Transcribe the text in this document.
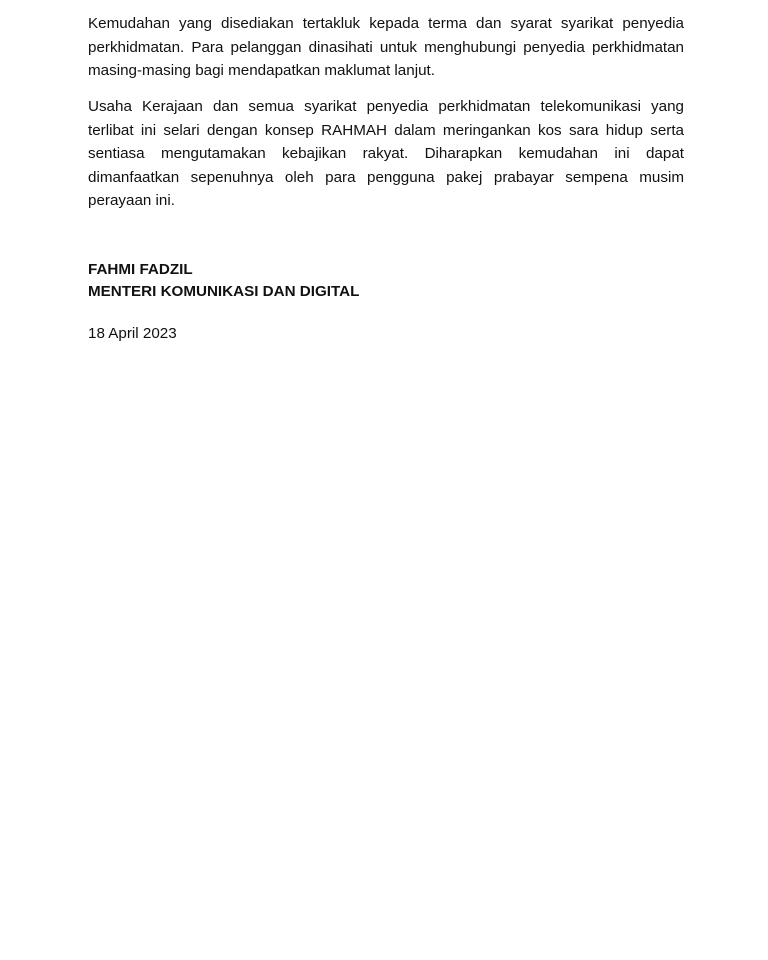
Kemudahan yang disediakan tertakluk kepada terma dan syarat syarikat penyedia
perkhidmatan. Para pelanggan dinasihati untuk menghubungi penyedia perkhidmatan
masing-masing bagi mendapatkan maklumat lanjut.

Usaha Kerajaan dan semua syarikat penyedia perkhidmatan telekomunikasi yang
terlibat ini selari dengan konsep RAHMAH dalam meringankan kos sara hidup serta
sentiasa mengutamakan kebajikan rakyat. Diharapkan kemudahan ini dapat
dimanfaatkan sepenuhnya oleh para pengguna pakej prabayar sempena musim
perayaan ini.

FAHMI FADZIL

MENTERI KOMUNIKASI DAN DIGITAL

18 April 2023
